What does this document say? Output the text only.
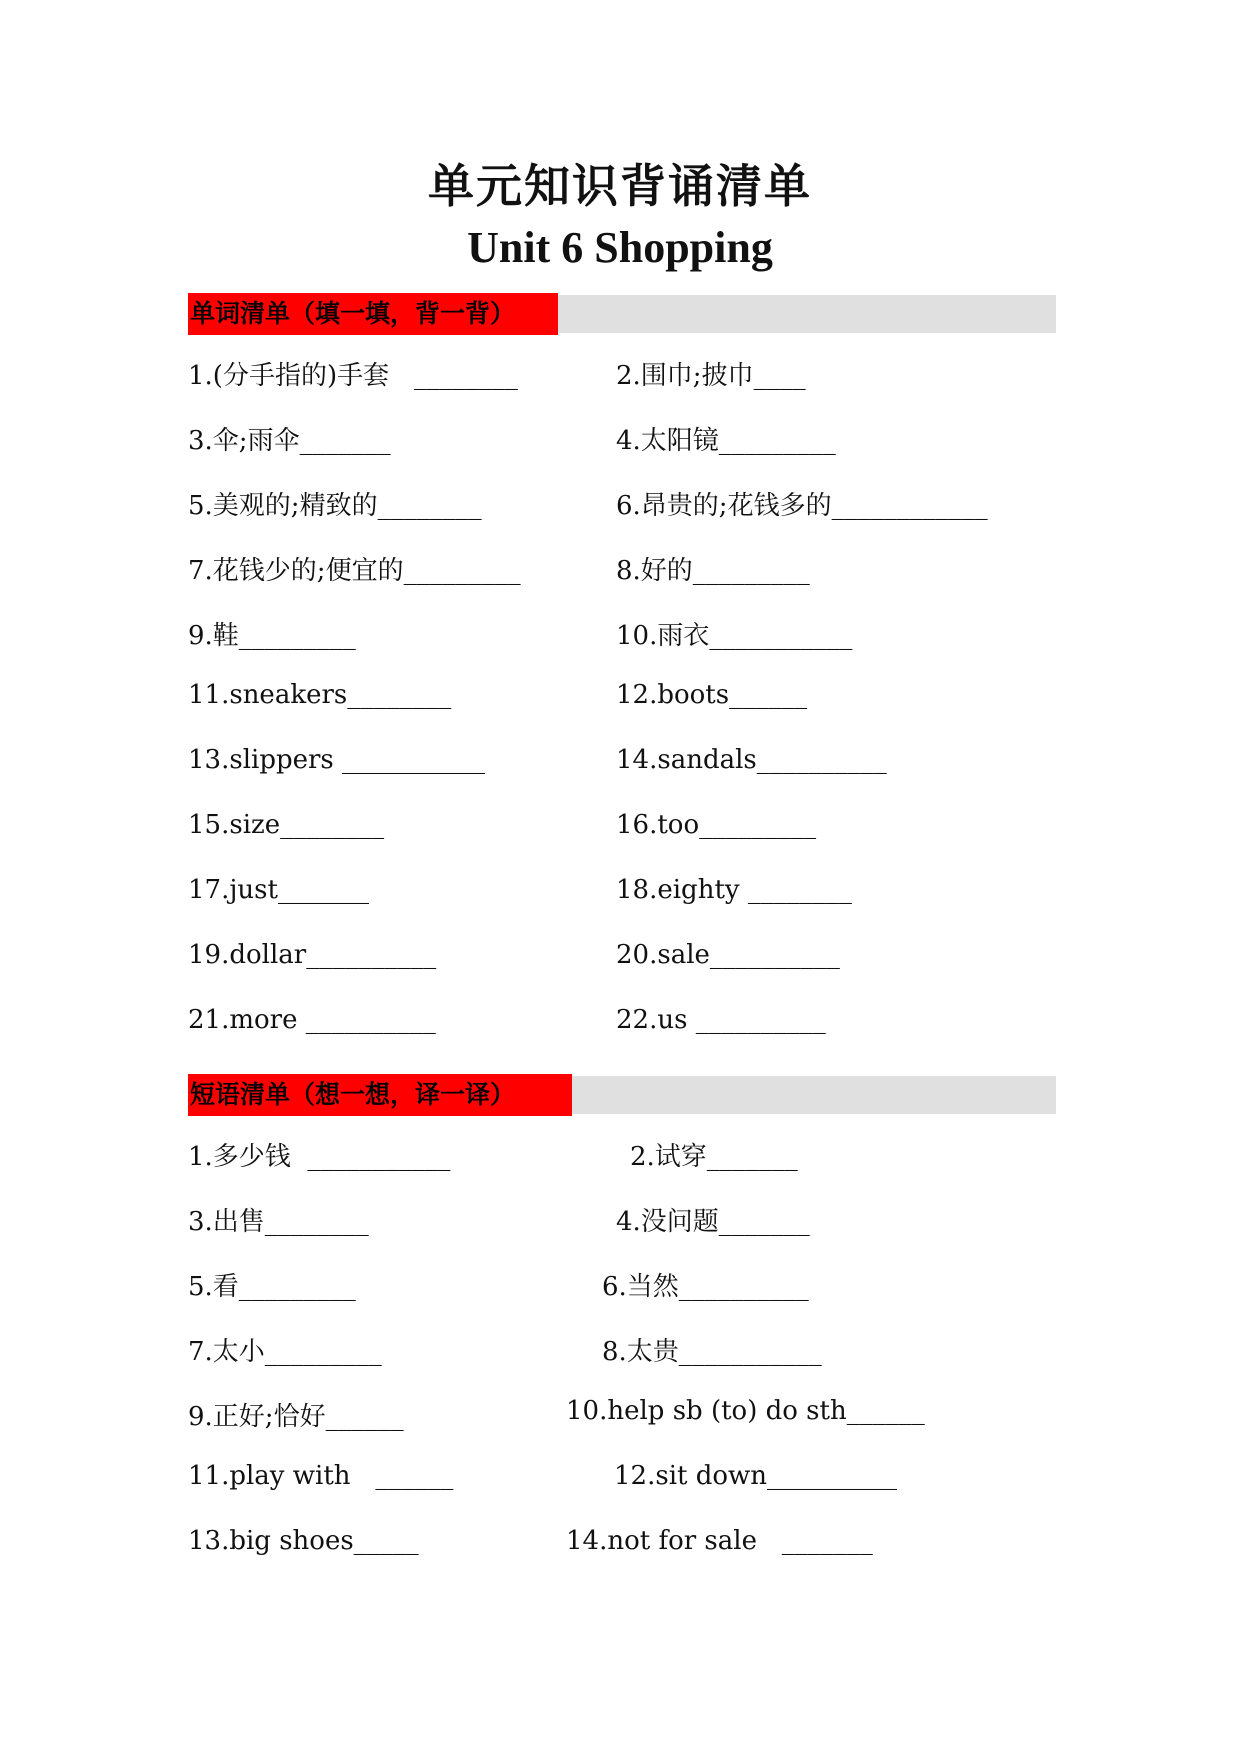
单元知识背诵清单
Unit 6 Shopping
单词清单（填一填，背一背）
1.(分手指的)手套   ________	2.围巾;披巾____
3.伞;雨伞_______	4.太阳镜_________
5.美观的;精致的________	6.昂贵的;花钱多的____________
7.花钱少的;便宜的_________	8.好的_________
9.鞋_________	10.雨衣___________
11.sneakers________	12.boots______
13.slippers ___________	14.sandals__________
15.size________	16.too_________
17.just_______	18.eighty ________
19.dollar__________	20.sale__________
21.more __________	22.us __________
短语清单（想一想，译一译）
1.多少钱  ___________	2.试穿_______
3.出售________	4.没问题_______
5.看_________	6.当然__________
7.太小_________	8.太贵___________
9.正好;恰好______	10.help sb (to) do sth______
11.play with   ______	12.sit down__________
13.big shoes_____	14.not for sale   _______
